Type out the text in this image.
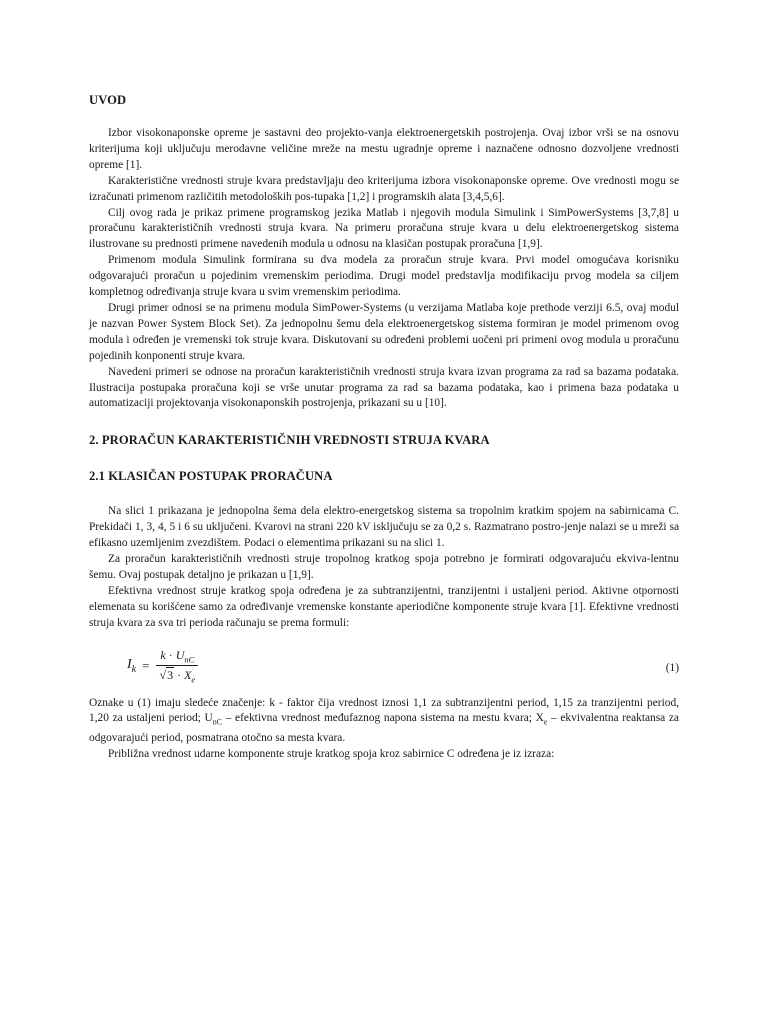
UVOD

Izbor visokonaponske opreme je sastavni deo projekto-vanja elektroenergetskih postrojenja. Ovaj izbor vrši se na osnovu kriterijuma koji uključuju merodavne veličine mreže na mestu ugradnje opreme i naznačene odnosno dozvoljene vrednosti opreme [1].

Karakteristične vrednosti struje kvara predstavljaju deo kriterijuma izbora visokonaponske opreme. Ove vrednosti mogu se izračunati primenom različitih metodoloških pos-tupaka [1,2] i programskih alata [3,4,5,6].

Cilj ovog rada je prikaz primene programskog jezika Matlab i njegovih modula Simulink i SimPowerSystems [3,7,8] u proračunu karakterističnih vrednosti struja kvara. Na primeru proračuna struje kvara u delu elektroenergetskog sistema ilustrovane su prednosti primene navedenih modula u odnosu na klasičan postupak proračuna [1,9].

Primenom modula Simulink formirana su dva modela za proračun struje kvara. Prvi model omogućava korisniku odgovarajući proračun u pojedinim vremenskim periodima. Drugi model predstavlja modifikaciju prvog modela sa ciljem kompletnog određivanja struje kvara u svim vremenskim periodima.

Drugi primer odnosi se na primenu modula SimPower-Systems (u verzijama Matlaba koje prethode verziji 6.5, ovaj modul je nazvan Power System Block Set). Za jednopolnu šemu dela elektroenergetskog sistema formiran je model primenom ovog modula i određen je vremenski tok struje kvara. Diskutovani su određeni problemi uočeni pri primeni ovog modula u proračunu pojedinih konponenti struje kvara.

Navedeni primeri se odnose na proračun karakterističnih vrednosti struja kvara izvan programa za rad sa bazama podataka. Ilustracija postupaka proračuna koji se vrše unutar programa za rad sa bazama podataka, kao i primena baza podataka u automatizaciji projektovanja visokonaponskih postrojenja, prikazani su u [10].

2. PRORAČUN KARAKTERISTIČNIH VREDNOSTI STRUJA KVARA
2.1 KLASIČAN POSTUPAK PRORAČUNA

Na slici 1 prikazana je jednopolna šema dela elektro-energetskog sistema sa tropolnim kratkim spojem na sabirnicama C. Prekidači 1, 3, 4, 5 i 6 su uključeni. Kvarovi na strani 220 kV isključuju se za 0,2 s. Razmatrano postro-jenje nalazi se u mreži sa efikasno uzemljenim zvezdištem. Podaci o elementima prikazani su na slici 1.

Za proračun karakterističnih vrednosti struje tropolnog kratkog spoja potrebno je formirati odgovarajuću ekviva-lentnu šemu. Ovaj postupak detaljno je prikazan u [1,9].

Efektivna vrednost struje kratkog spoja određena je za subtranzijentni, tranzijentni i ustaljeni period. Aktivne otpornosti elemenata su korišćene samo za određivanje vremenske konstante aperiodične komponente struje kvara [1]. Efektivne vrednosti struja kvara za sva tri perioda računaju se prema formuli:

$I_k = \frac{k \cdot U_{nC}}{√3 \cdot X_e}$	(1)

Oznake u (1) imaju sledeće značenje: k - faktor čija vrednost iznosi 1,1 za subtranzijentni period, 1,15 za tranzijentni period, 1,20 za ustaljeni period; $U_{nC}$ – efektivna vrednost međufaznog napona sistema na mestu kvara; $X_e$ – ekvivalentna reaktansa za odgovarajući period, posmatrana otočno sa mesta kvara.

Približna vrednost udarne komponente struje kratkog spoja kroz sabirnice C određena je iz izraza:
